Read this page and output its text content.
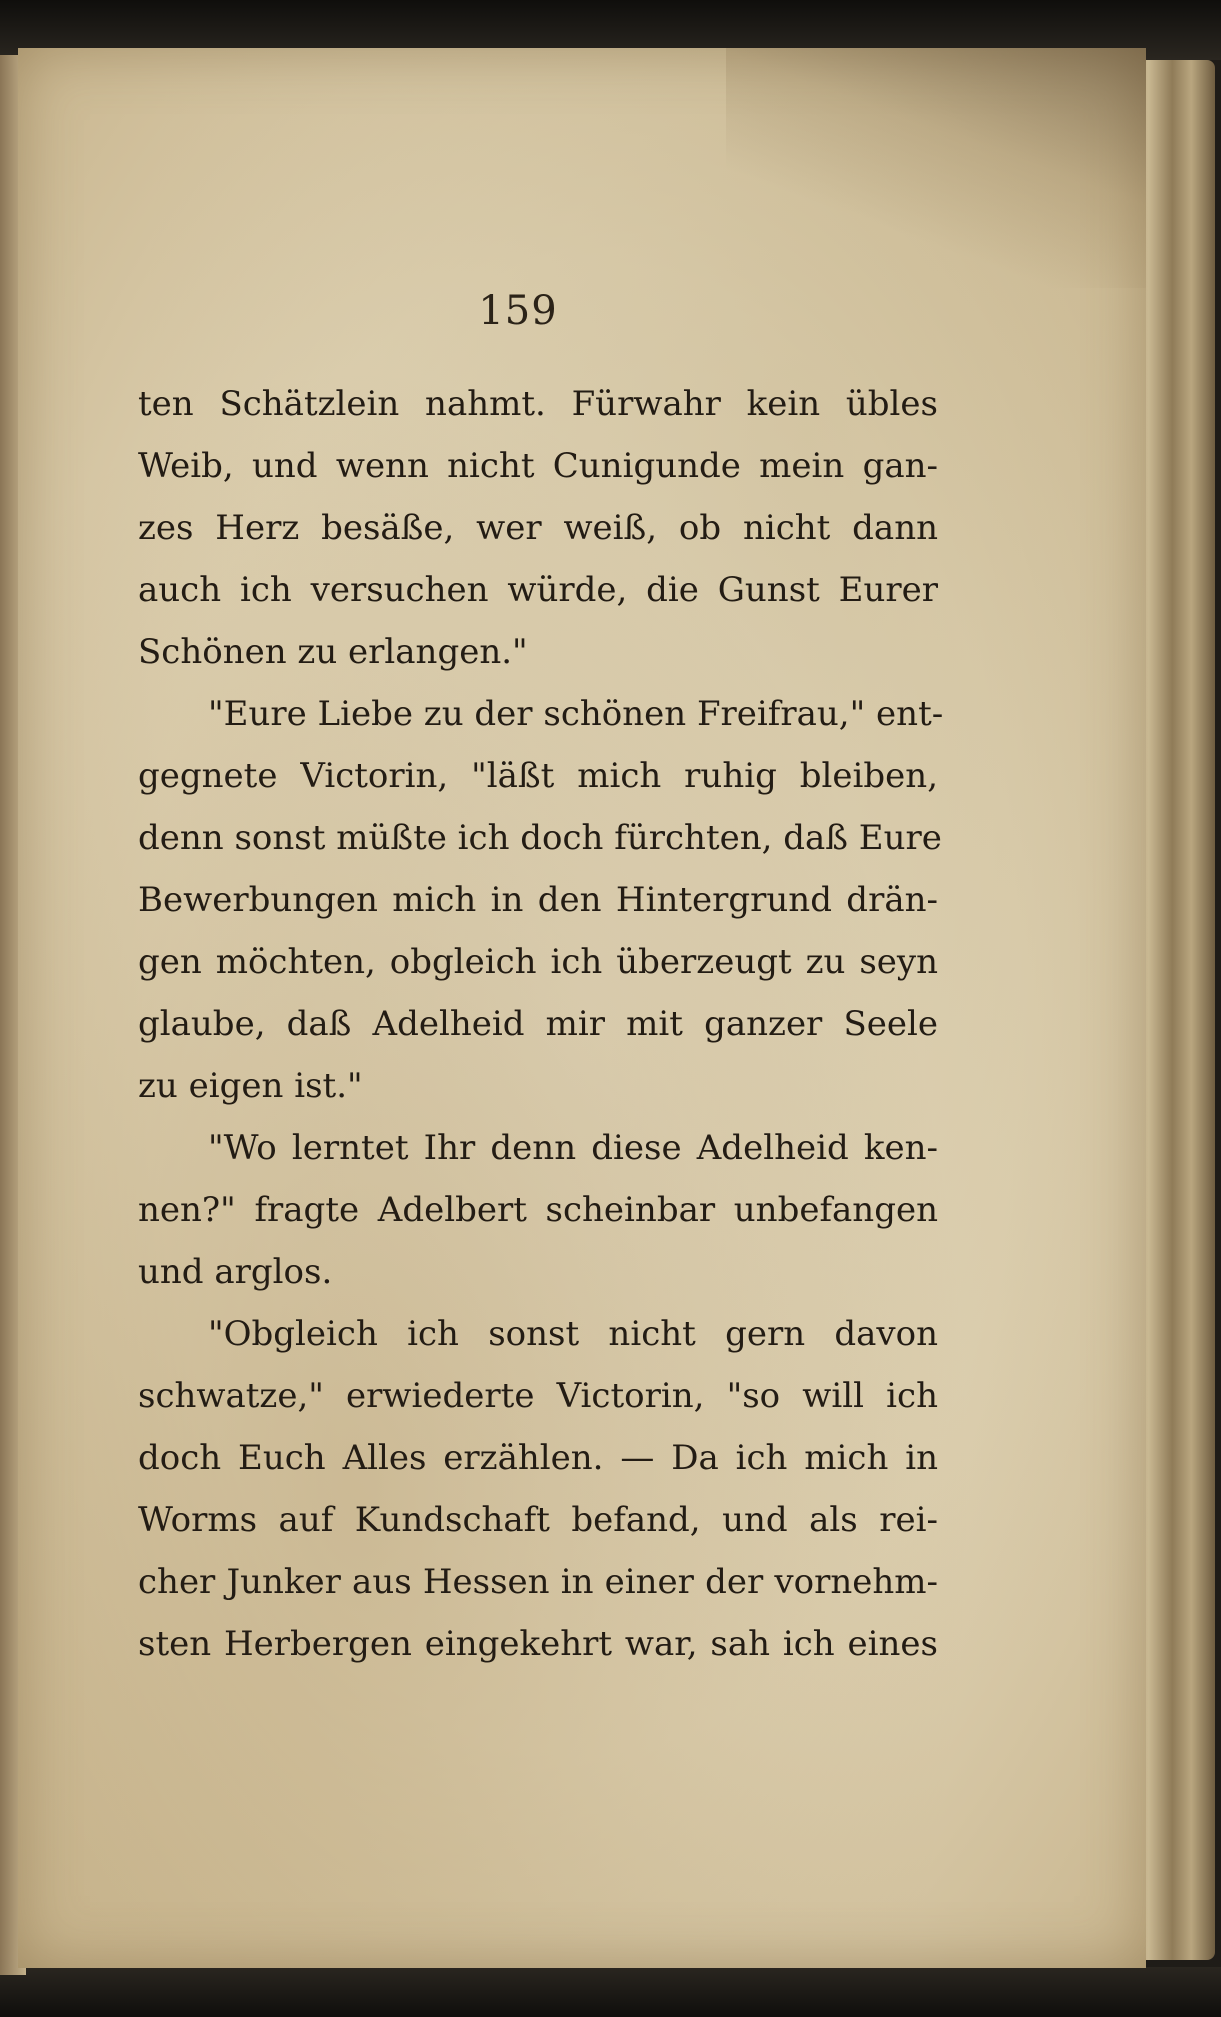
159
ten Schätzlein nahmt. Fürwahr kein übles
Weib, und wenn nicht Cunigunde mein gan-
zes Herz besäße, wer weiß, ob nicht dann
auch ich versuchen würde, die Gunst Eurer
Schönen zu erlangen."
"Eure Liebe zu der schönen Freifrau," ent-
gegnete Victorin, "läßt mich ruhig bleiben,
denn sonst müßte ich doch fürchten, daß Eure
Bewerbungen mich in den Hintergrund drän-
gen möchten, obgleich ich überzeugt zu seyn
glaube, daß Adelheid mir mit ganzer Seele
zu eigen ist."
"Wo lerntet Ihr denn diese Adelheid ken-
nen?" fragte Adelbert scheinbar unbefangen
und arglos.
"Obgleich ich sonst nicht gern davon
schwatze," erwiederte Victorin, "so will ich
doch Euch Alles erzählen. — Da ich mich in
Worms auf Kundschaft befand, und als rei-
cher Junker aus Hessen in einer der vornehm-
sten Herbergen eingekehrt war, sah ich eines
